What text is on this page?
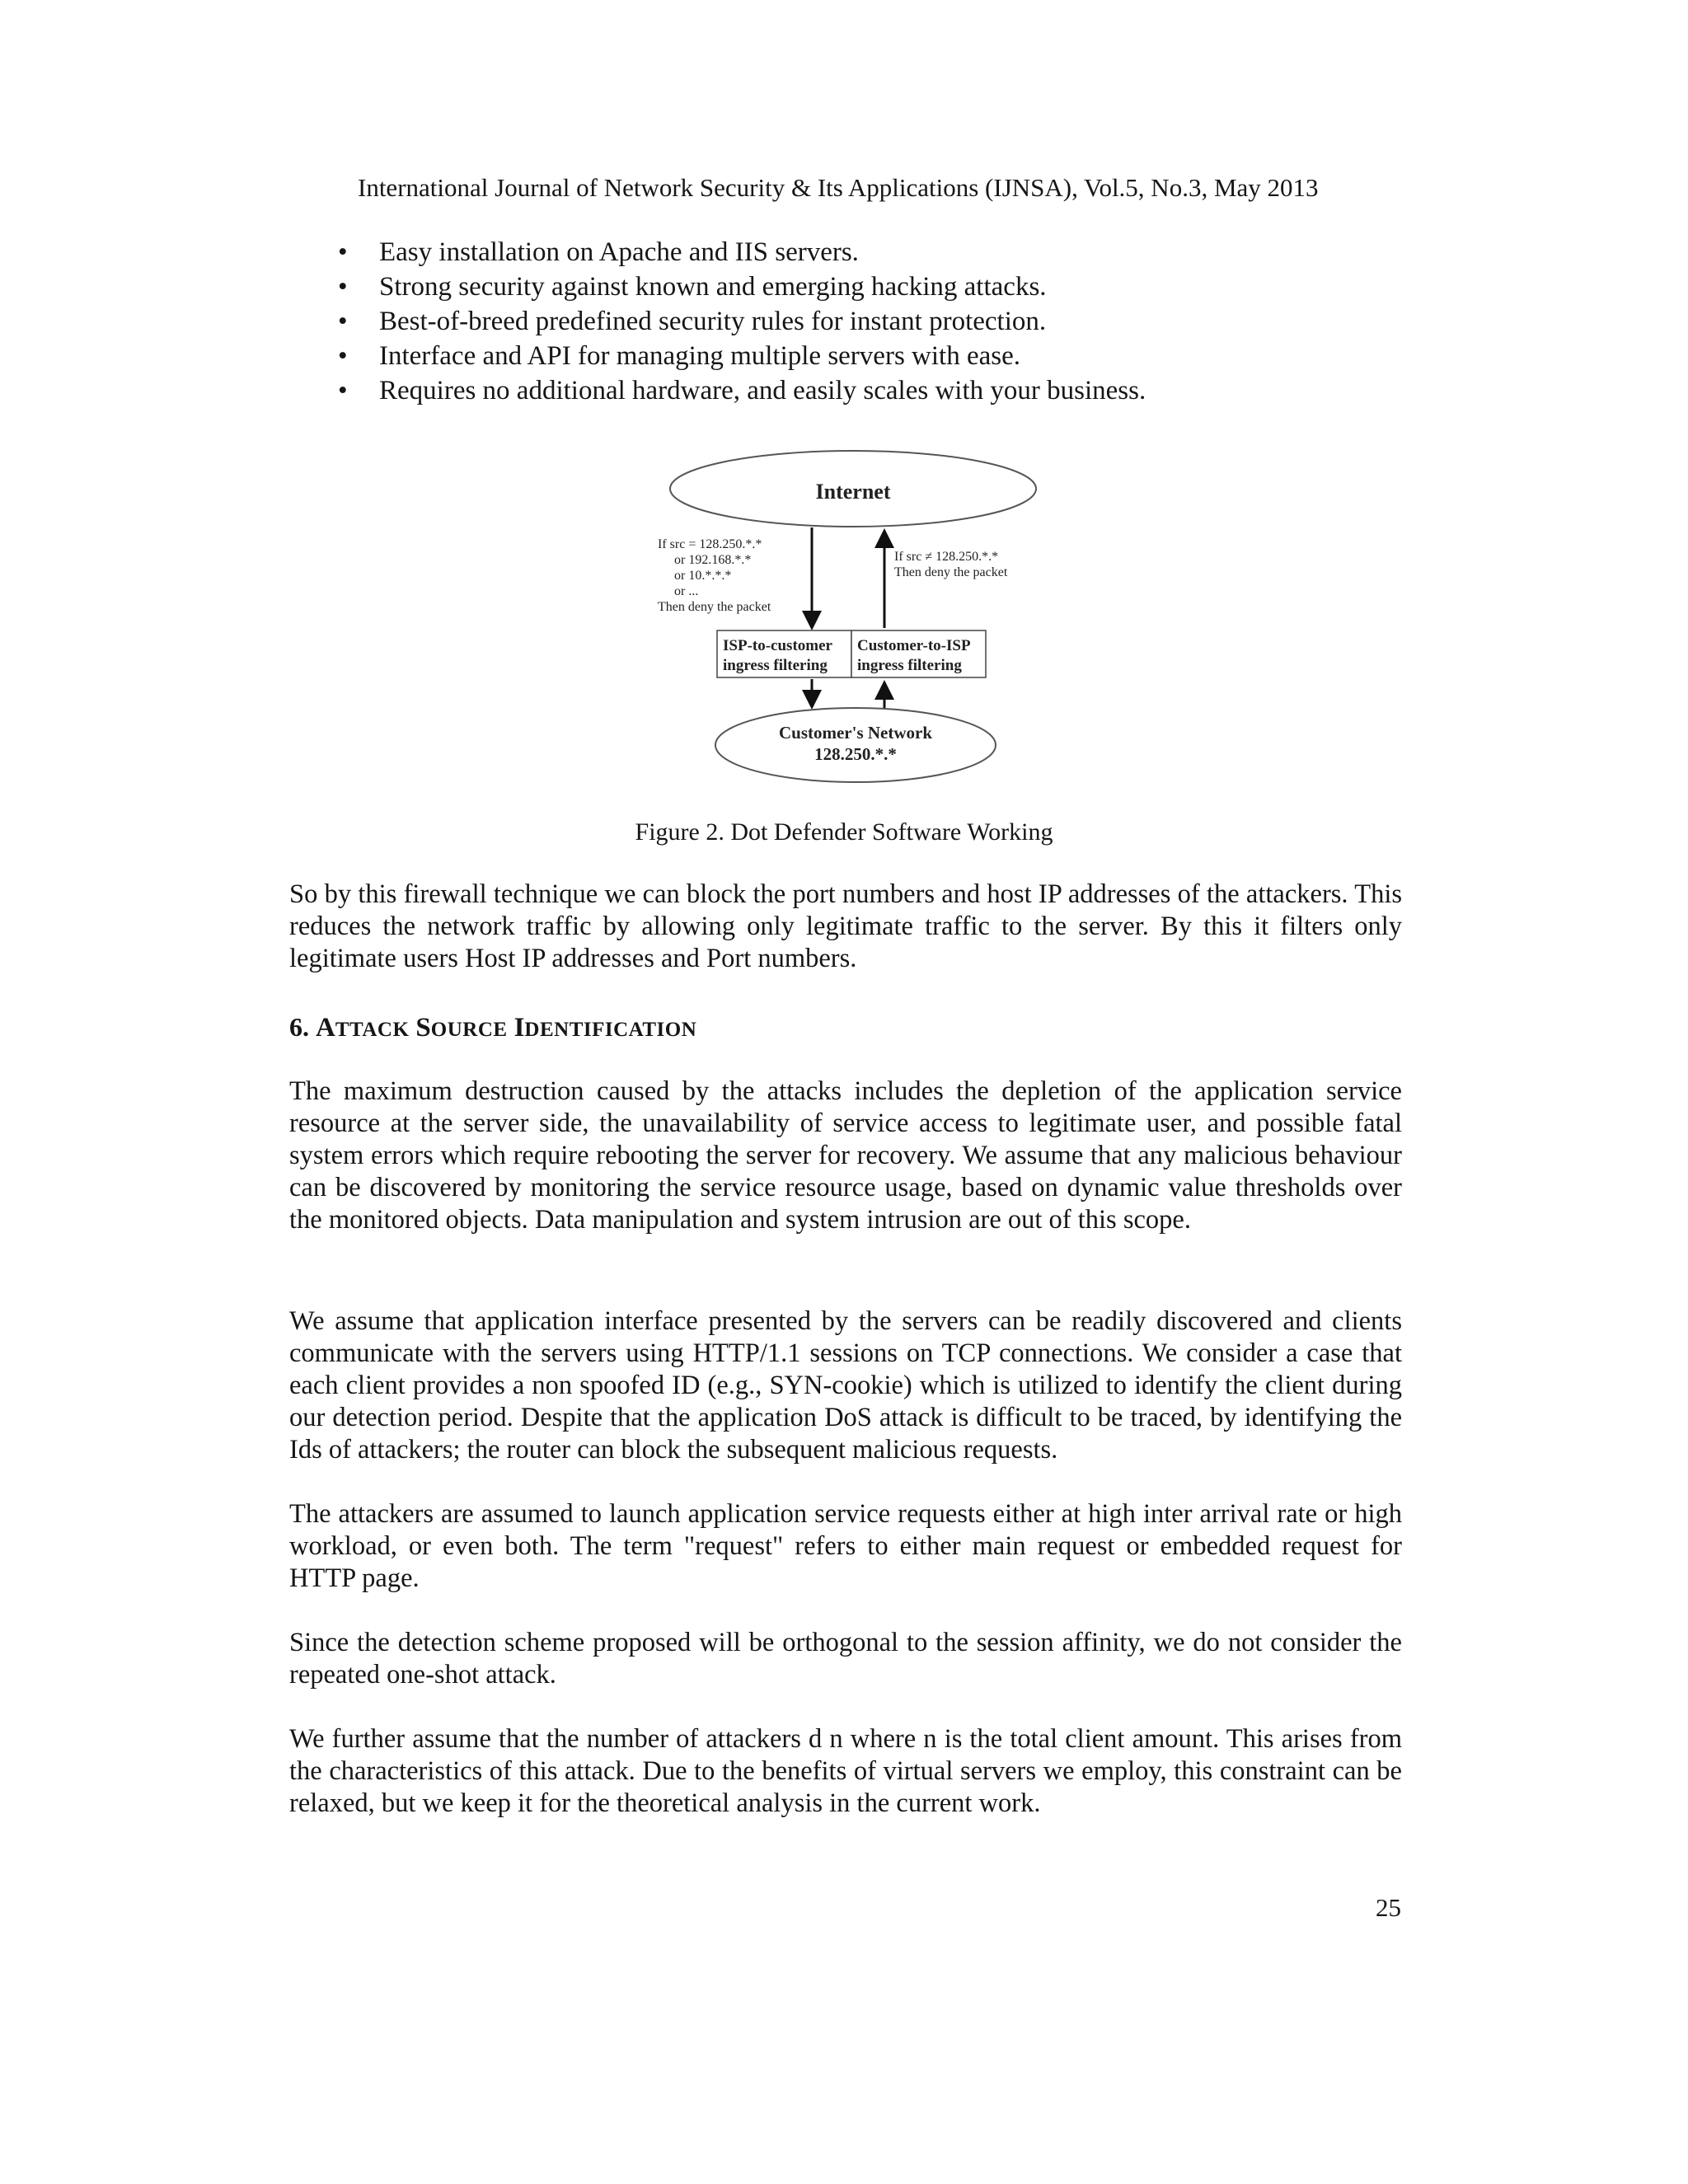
International Journal of Network Security & Its Applications (IJNSA), Vol.5, No.3, May 2013
• Easy installation on Apache and IIS servers.
• Strong security against known and emerging hacking attacks.
• Best-of-breed predefined security rules for instant protection.
• Interface and API for managing multiple servers with ease.
• Requires no additional hardware, and easily scales with your business.
Internet
If src = 128.250.*.*
or 192.168.*.*
or 10.*.*.*
or ...
Then deny the packet
If src ≠ 128.250.*.*
Then deny the packet
ISP-to-customer
ingress filtering
Customer-to-ISP
ingress filtering
Customer's Network
128.250.*.*
Figure 2. Dot Defender Software Working
So by this firewall technique we can block the port numbers and host IP addresses of the attackers. This reduces the network traffic by allowing only legitimate traffic to the server. By this it filters only legitimate users Host IP addresses and Port numbers.
6. ATTACK SOURCE IDENTIFICATION
The maximum destruction caused by the attacks includes the depletion of the application service resource at the server side, the unavailability of service access to legitimate user, and possible fatal system errors which require rebooting the server for recovery. We assume that any malicious behaviour can be discovered by monitoring the service resource usage, based on dynamic value thresholds over the monitored objects. Data manipulation and system intrusion are out of this scope.
We assume that application interface presented by the servers can be readily discovered and clients communicate with the servers using HTTP/1.1 sessions on TCP connections. We consider a case that each client provides a non spoofed ID (e.g., SYN-cookie) which is utilized to identify the client during our detection period. Despite that the application DoS attack is difficult to be traced, by identifying the Ids of attackers; the router can block the subsequent malicious requests.
The attackers are assumed to launch application service requests either at high inter arrival rate or high workload, or even both. The term "request" refers to either main request or embedded request for HTTP page.
Since the detection scheme proposed will be orthogonal to the session affinity, we do not consider the repeated one-shot attack.
We further assume that the number of attackers d n where n is the total client amount. This arises from the characteristics of this attack. Due to the benefits of virtual servers we employ, this constraint can be relaxed, but we keep it for the theoretical analysis in the current work.
25
